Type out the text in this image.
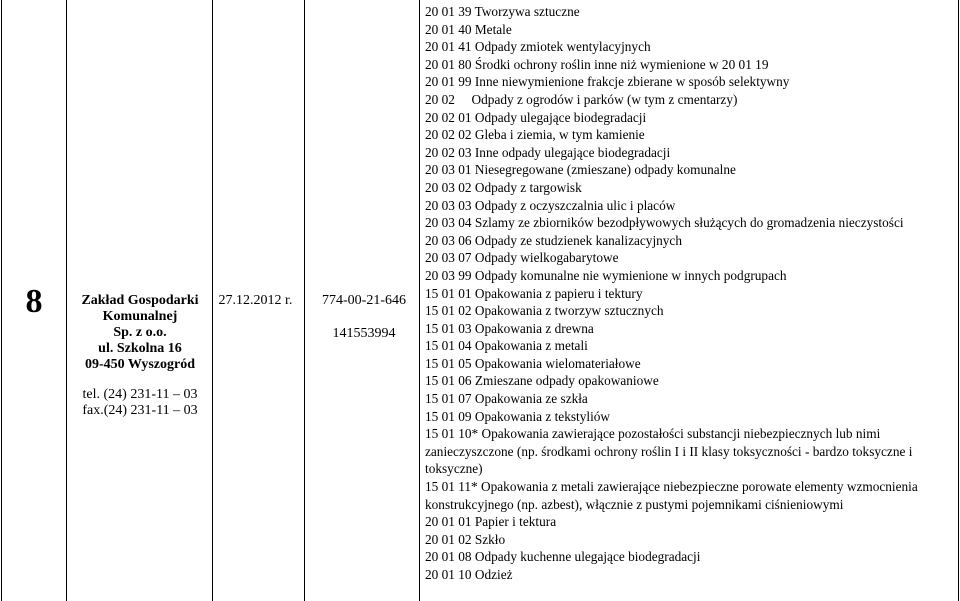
8	Zakład Gospodarki
Komunalnej
Sp. z o.o.
ul. Szkolna 16
09-450 Wyszogród
tel. (24) 231-11 – 03
fax.(24) 231-11 – 03
27.12.2012 r.	774-00-21-646
141553994
20 01 39 Tworzywa sztuczne
20 01 40 Metale
20 01 41 Odpady zmiotek wentylacyjnych
20 01 80 Środki ochrony roślin inne niż wymienione w 20 01 19
20 01 99 Inne niewymienione frakcje zbierane w sposób selektywny
20 02     Odpady z ogrodów i parków (w tym z cmentarzy)
20 02 01 Odpady ulegające biodegradacji
20 02 02 Gleba i ziemia, w tym kamienie
20 02 03 Inne odpady ulegające biodegradacji
20 03 01 Niesegregowane (zmieszane) odpady komunalne
20 03 02 Odpady z targowisk
20 03 03 Odpady z oczyszczalnia ulic i placów
20 03 04 Szlamy ze zbiorników bezodpływowych służących do gromadzenia nieczystości
20 03 06 Odpady ze studzienek kanalizacyjnych
20 03 07 Odpady wielkogabarytowe
20 03 99 Odpady komunalne nie wymienione w innych podgrupach
15 01 01 Opakowania z papieru i tektury
15 01 02 Opakowania z tworzyw sztucznych
15 01 03 Opakowania z drewna
15 01 04 Opakowania z metali
15 01 05 Opakowania wielomateriałowe
15 01 06 Zmieszane odpady opakowaniowe
15 01 07 Opakowania ze szkła
15 01 09 Opakowania z tekstyliów
15 01 10* Opakowania zawierające pozostałości substancji niebezpiecznych lub nimi zanieczyszczone (np. środkami ochrony roślin I i II klasy toksyczności - bardzo toksyczne i toksyczne)
15 01 11* Opakowania z metali zawierające niebezpieczne porowate elementy wzmocnienia konstrukcyjnego (np. azbest), włącznie z pustymi pojemnikami ciśnieniowymi
20 01 01 Papier i tektura
20 01 02 Szkło
20 01 08 Odpady kuchenne ulegające biodegradacji
20 01 10 Odzież
